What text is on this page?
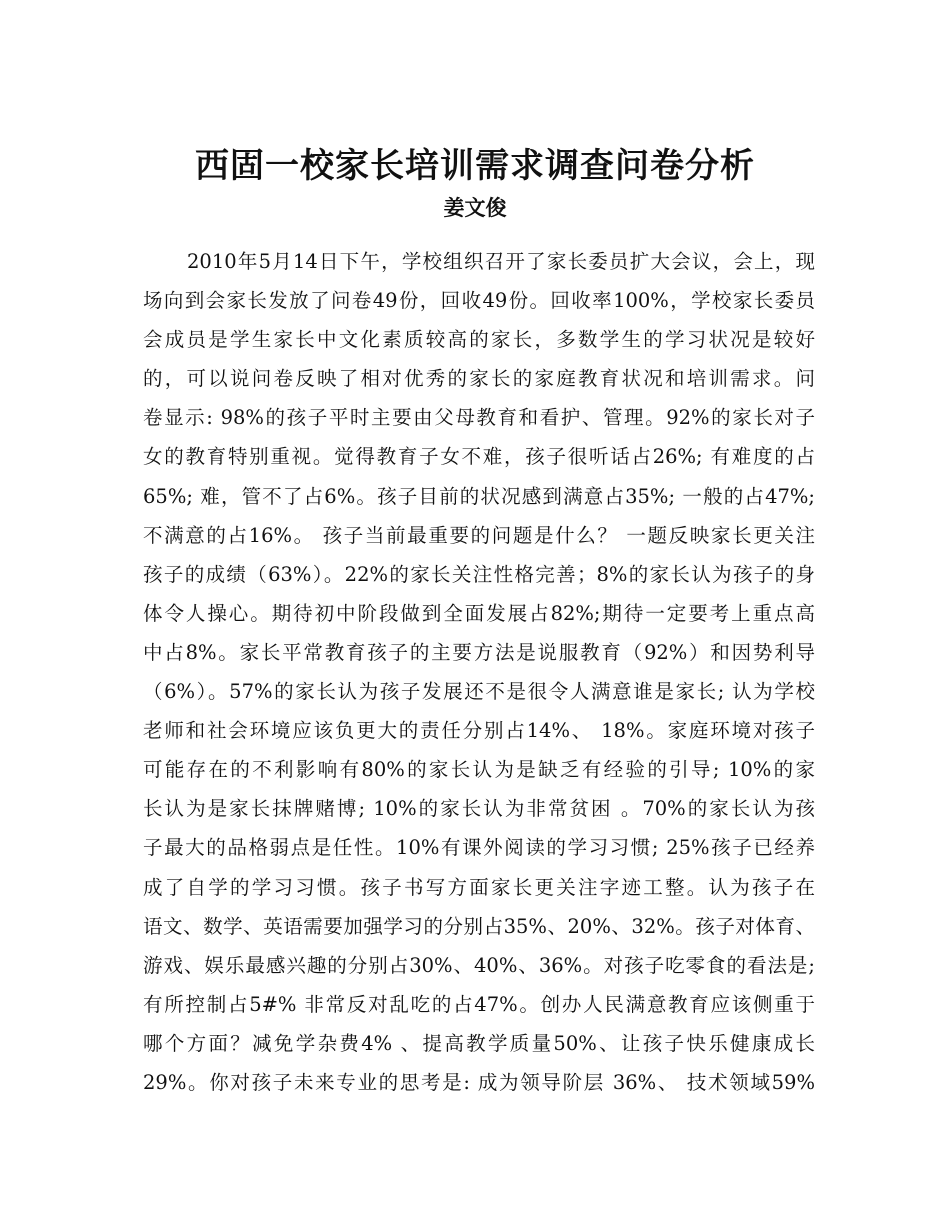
西固一校家长培训需求调查问卷分析
姜文俊
2010年5月14日下午，学校组织召开了家长委员扩大会议，会上，现
场向到会家长发放了问卷49份，回收49份。回收率100%，学校家长委员
会成员是学生家长中文化素质较高的家长，多数学生的学习状况是较好
的，可以说问卷反映了相对优秀的家长的家庭教育状况和培训需求。问
卷显示: 98%的孩子平时主要由父母教育和看护、管理。92%的家长对子
女的教育特别重视。觉得教育子女不难，孩子很听话占26%; 有难度的占
65%; 难，管不了占6%。孩子目前的状况感到满意占35%; 一般的占47%;
不满意的占16%。 孩子当前最重要的问题是什么？ 一题反映家长更关注
孩子的成绩（63%）。22%的家长关注性格完善；8%的家长认为孩子的身
体令人操心。期待初中阶段做到全面发展占82%;期待一定要考上重点高
中占8%。家长平常教育孩子的主要方法是说服教育（92%）和因势利导
（6%）。57%的家长认为孩子发展还不是很令人满意谁是家长; 认为学校
老师和社会环境应该负更大的责任分别占14%、 18%。家庭环境对孩子
可能存在的不利影响有80%的家长认为是缺乏有经验的引导; 10%的家
长认为是家长抹牌赌博; 10%的家长认为非常贫困 。70%的家长认为孩
子最大的品格弱点是任性。10%有课外阅读的学习习惯; 25%孩子已经养
成了自学的学习习惯。孩子书写方面家长更关注字迹工整。认为孩子在
语文、数学、英语需要加强学习的分别占35%、20%、32%。孩子对体育、
游戏、娱乐最感兴趣的分别占30%、40%、36%。对孩子吃零食的看法是;
有所控制占5#% 非常反对乱吃的占47%。创办人民满意教育应该侧重于
哪个方面？减免学杂费4% 、提高教学质量50%、让孩子快乐健康成长
29%。你对孩子未来专业的思考是: 成为领导阶层 36%、 技术领域59%
